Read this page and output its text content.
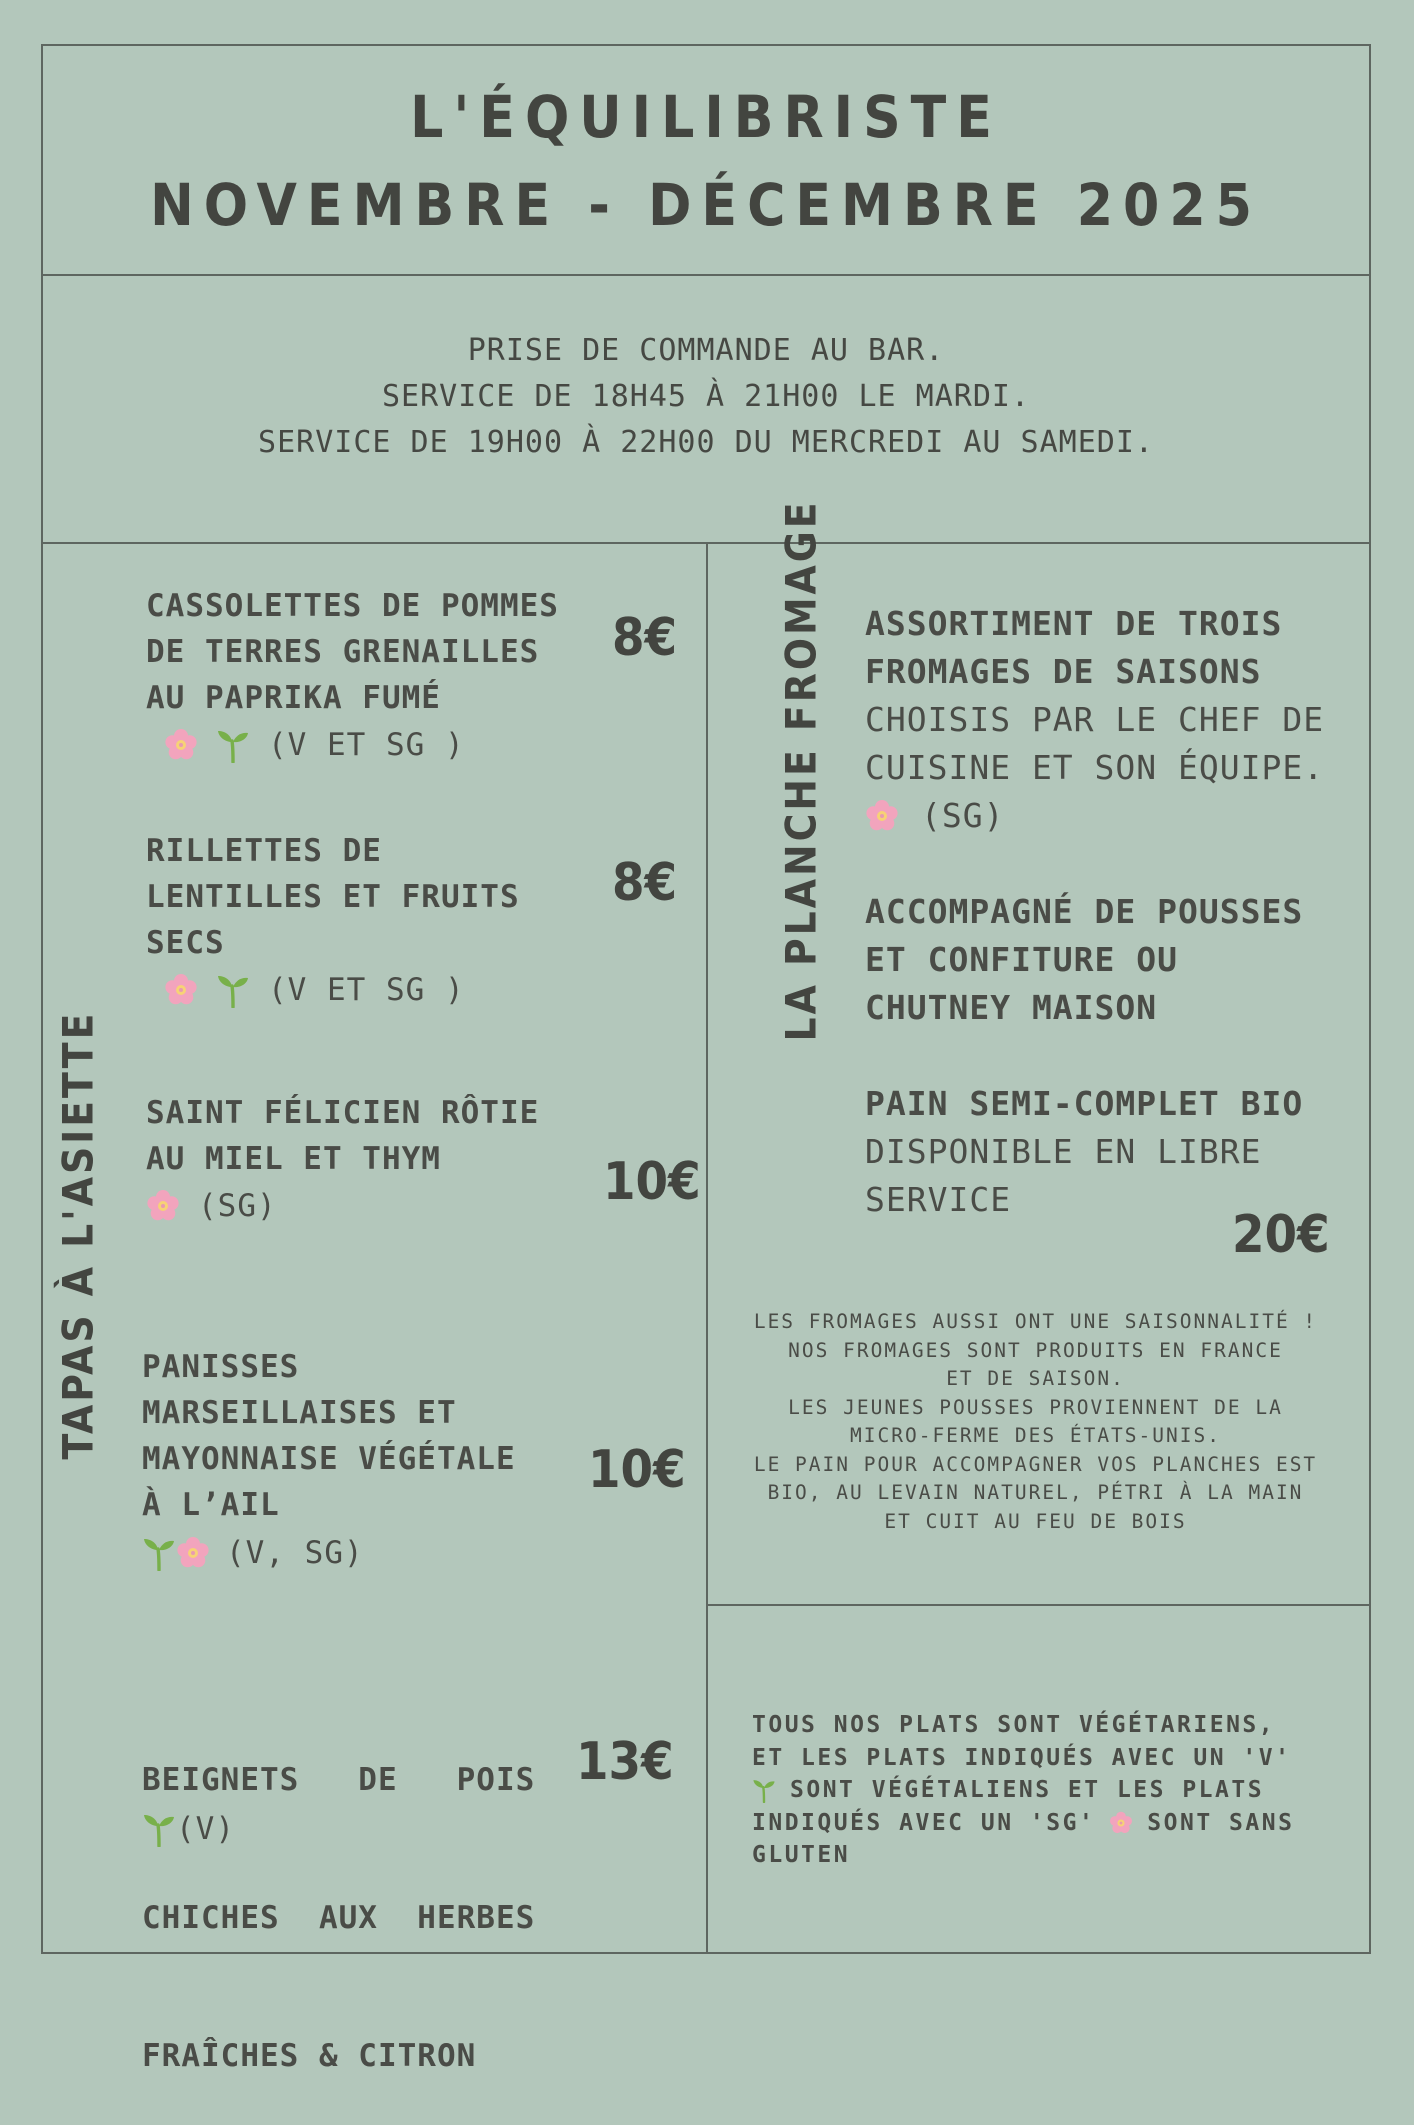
L'ÉQUILIBRISTE
NOVEMBRE - DÉCEMBRE 2025
PRISE DE COMMANDE AU BAR.
SERVICE DE 18H45 À 21H00 LE MARDI.
SERVICE DE 19H00 À 22H00 DU MERCREDI AU SAMEDI.
TAPAS À L'ASIETTE
LA PLANCHE FROMAGE
CASSOLETTES DE POMMES
DE TERRES GRENAILLES
AU PAPRIKA FUMÉ
(V ET SG )
8€
RILLETTES DE
LENTILLES ET FRUITS
SECS
(V ET SG )
8€
SAINT FÉLICIEN RÔTIE
AU MIEL ET THYM
(SG)	10€
PANISSES
MARSEILLAISES ET
MAYONNAISE VÉGÉTALE
À L’AIL
(V, SG)
10€

BEIGNETS   DE   POIS

CHICHES  AUX  HERBES

FRAÎCHES & CITRON

(V)
13€
ASSORTIMENT DE TROIS
FROMAGES DE SAISONS
CHOISIS PAR LE CHEF DE
CUISINE ET SON ÉQUIPE.
(SG)
ACCOMPAGNÉ DE POUSSES
ET CONFITURE OU
CHUTNEY MAISON
PAIN SEMI-COMPLET BIO
DISPONIBLE EN LIBRE
SERVICE
20€
LES FROMAGES AUSSI ONT UNE SAISONNALITÉ !
NOS FROMAGES SONT PRODUITS EN FRANCE
ET DE SAISON.
LES JEUNES POUSSES PROVIENNENT DE LA
MICRO-FERME DES ÉTATS-UNIS.
LE PAIN POUR ACCOMPAGNER VOS PLANCHES EST
BIO, AU LEVAIN NATUREL, PÉTRI À LA MAIN
ET CUIT AU FEU DE BOIS
TOUS NOS PLATS SONT VÉGÉTARIENS,
ET LES PLATS INDIQUÉS AVEC UN 'V'
SONT VÉGÉTALIENS ET LES PLATS
INDIQUÉS AVEC UN 'SG' SONT SANS
GLUTEN
